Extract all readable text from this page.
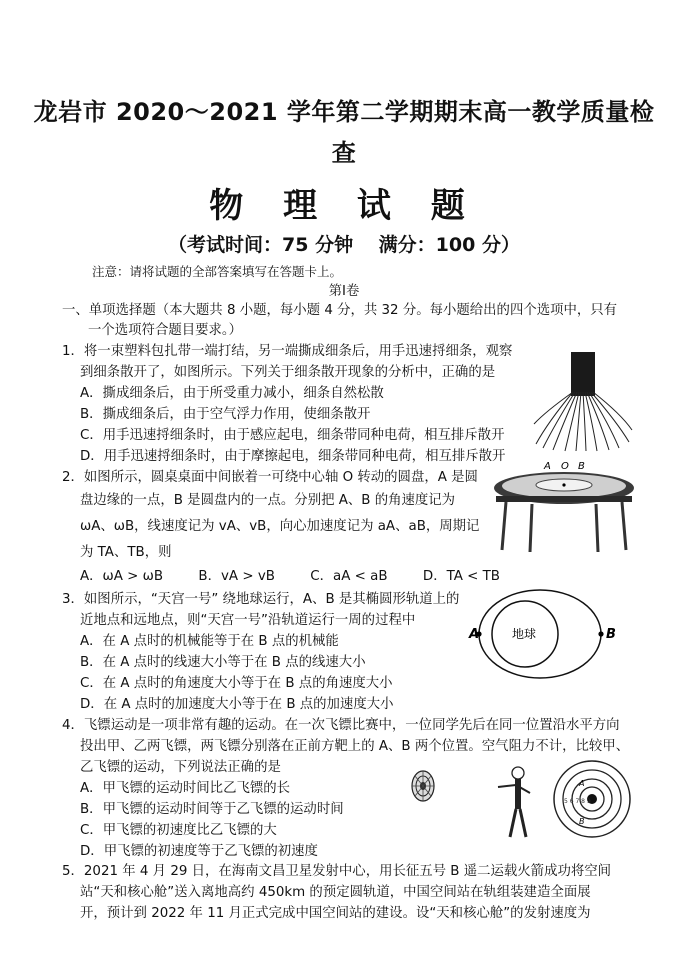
龙岩市 2020～2021 学年第二学期期末高一教学质量检
查
物 理 试 题
（考试时间：75 分钟　 满分：100 分）
注意：请将试题的全部答案填写在答题卡上。
第Ⅰ卷
一、单项选择题（本大题共 8 小题，每小题 4 分，共 32 分。每小题给出的四个选项中，只有
一个选项符合题目要求。）
1．将一束塑料包扎带一端打结，另一端撕成细条后，用手迅速捋细条，观察
到细条散开了，如图所示。下列关于细条散开现象的分析中，正确的是
A．撕成细条后，由于所受重力减小，细条自然松散
B．撕成细条后，由于空气浮力作用，使细条散开
C．用手迅速捋细条时，由于感应起电，细条带同种电荷，相互排斥散开
D．用手迅速捋细条时，由于摩擦起电，细条带同种电荷，相互排斥散开
2．如图所示，圆桌桌面中间嵌着一可绕中心轴 O 转动的圆盘，A 是圆
盘边缘的一点，B 是圆盘内的一点。分别把 A、B 的角速度记为
ωA、ωB，线速度记为 vA、vB，向心加速度记为 aA、aB，周期记
为 TA、TB，则
A．ωA > ωB	B．vA > vB	C．aA < aB	D．TA < TB
A O B
3．如图所示，“天宫一号” 绕地球运行，A、B 是其椭圆形轨道上的
近地点和远地点，则“天宫一号”沿轨道运行一周的过程中
A．在 A 点时的机械能等于在 B 点的机械能
B．在 A 点时的线速大小等于在 B 点的线速大小
C．在 A 点时的角速度大小等于在 B 点的角速度大小
D．在 A 点时的加速度大小等于在 B 点的加速度大小
地球
A	B
4．飞镖运动是一项非常有趣的运动。在一次飞镖比赛中，一位同学先后在同一位置沿水平方向
投出甲、乙两飞镖，两飞镖分别落在正前方靶上的 A、B 两个位置。空气阻力不计，比较甲、
乙飞镖的运动，下列说法正确的是
A．甲飞镖的运动时间比乙飞镖的长
B．甲飞镖的运动时间等于乙飞镖的运动时间
C．甲飞镖的初速度比乙飞镖的大
D．甲飞镖的初速度等于乙飞镖的初速度
5 6 7 8 9
A
B
5．2021 年 4 月 29 日，在海南文昌卫星发射中心，用长征五号 B 遥二运载火箭成功将空间
站“天和核心舱”送入离地高约 450km 的预定圆轨道，中国空间站在轨组装建造全面展
开，预计到 2022 年 11 月正式完成中国空间站的建设。设“天和核心舱”的发射速度为
